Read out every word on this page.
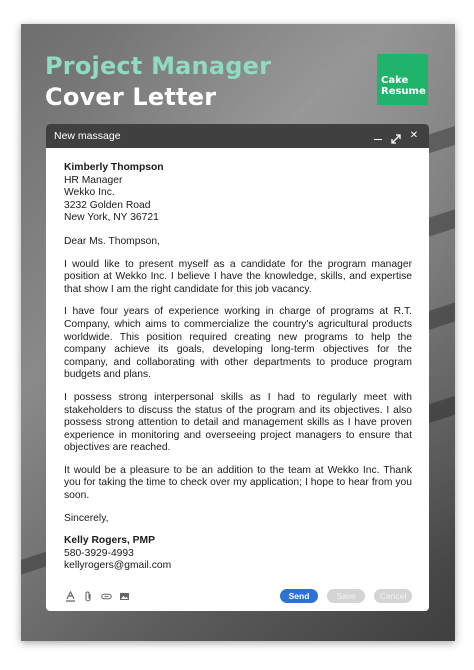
Project Manager
Cover Letter
Cake
Resume
New massage	✕
Kimberly Thompson
HR Manager
Wekko Inc.
3232 Golden Road
New York, NY 36721

Dear Ms. Thompson,

I would like to present myself as a candidate for the program manager position at Wekko Inc. I believe I have the knowledge, skills, and expertise that show I am the right candidate for this job vacancy.

I have four years of experience working in charge of programs at R.T. Company, which aims to commercialize the country's agricultural products worldwide. This position required creating new programs to help the company achieve its goals, developing long-term objectives for the company, and collaborating with other departments to produce program budgets and plans.

I possess strong interpersonal skills as I had to regularly meet with stakeholders to discuss the status of the program and its objectives. I also possess strong attention to detail and management skills as I have proven experience in monitoring and overseeing project managers to ensure that objectives are reached.

It would be a pleasure to be an addition to the team at Wekko Inc. Thank you for taking the time to check over my application; I hope to hear from you soon.

Sincerely,

Kelly Rogers, PMP
580-3929-4993
kellyrogers@gmail.com
Send	Save	Cancel
